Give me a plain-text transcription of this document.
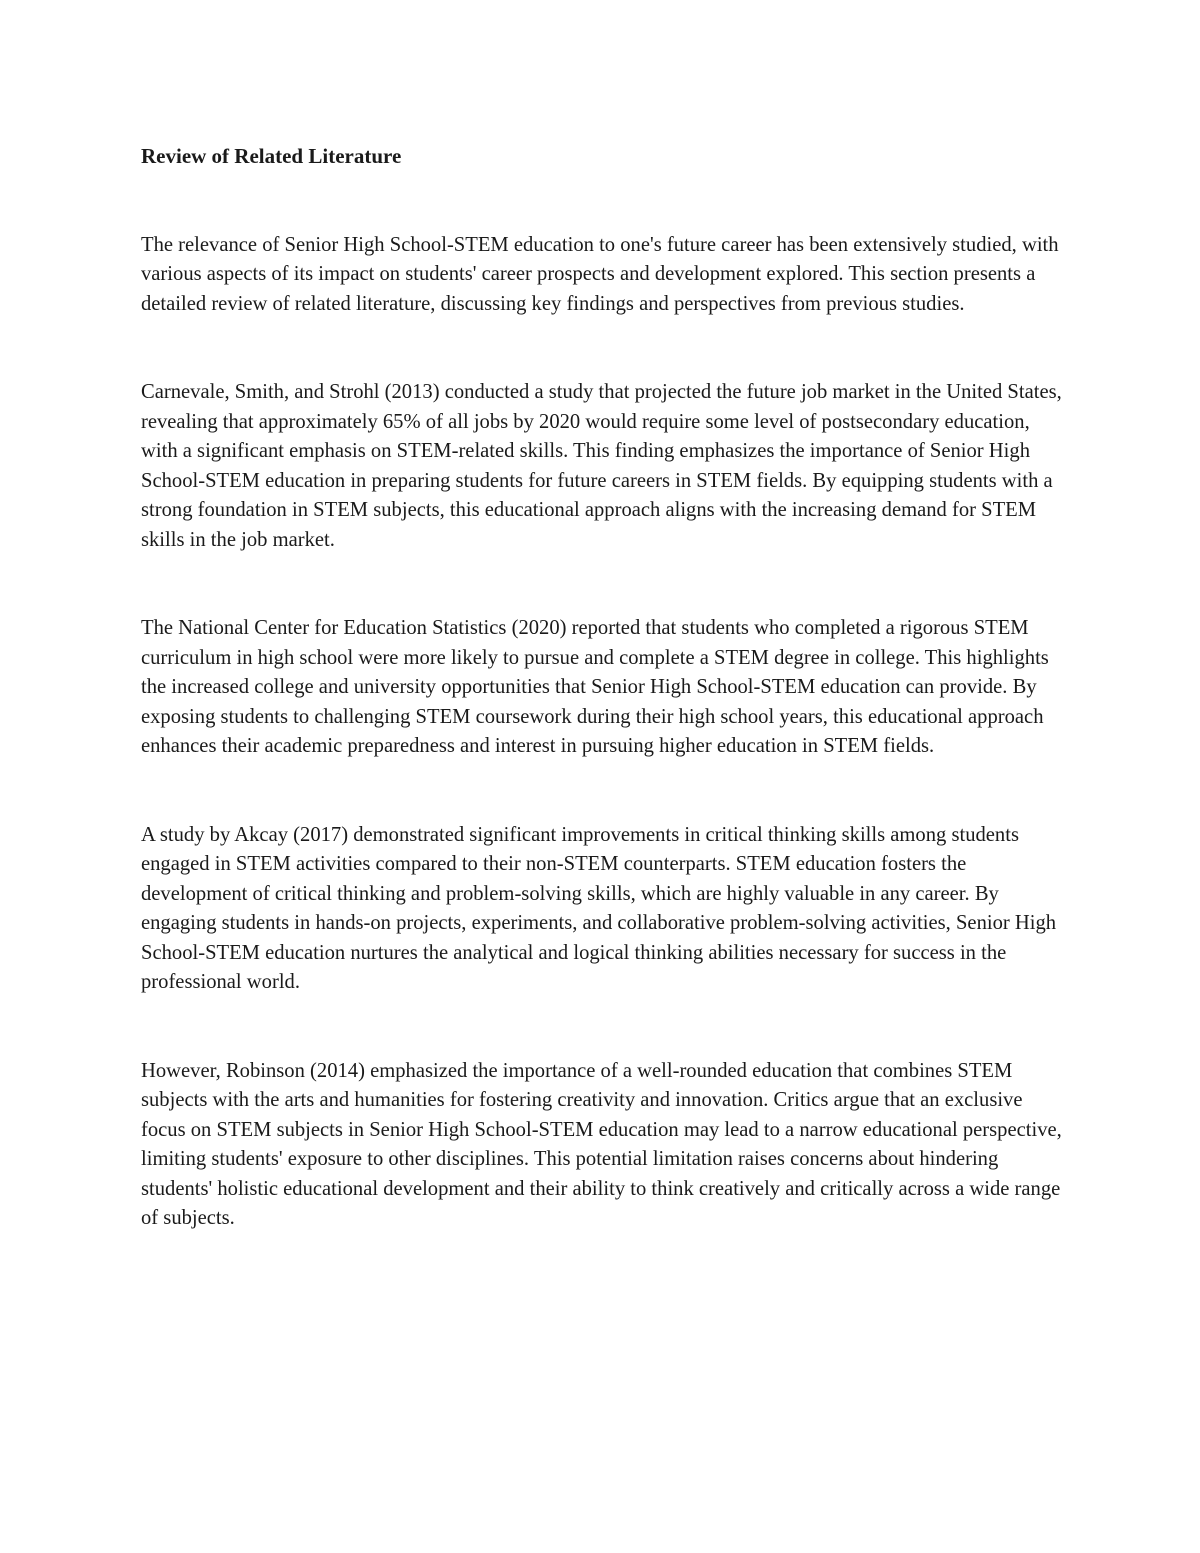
Review of Related Literature

The relevance of Senior High School-STEM education to one's future career has been extensively studied, with various aspects of its impact on students' career prospects and development explored. This section presents a detailed review of related literature, discussing key findings and perspectives from previous studies.

Carnevale, Smith, and Strohl (2013) conducted a study that projected the future job market in the United States, revealing that approximately 65% of all jobs by 2020 would require some level of postsecondary education, with a significant emphasis on STEM-related skills. This finding emphasizes the importance of Senior High School-STEM education in preparing students for future careers in STEM fields. By equipping students with a strong foundation in STEM subjects, this educational approach aligns with the increasing demand for STEM skills in the job market.

The National Center for Education Statistics (2020) reported that students who completed a rigorous STEM curriculum in high school were more likely to pursue and complete a STEM degree in college. This highlights the increased college and university opportunities that Senior High School-STEM education can provide. By exposing students to challenging STEM coursework during their high school years, this educational approach enhances their academic preparedness and interest in pursuing higher education in STEM fields.

A study by Akcay (2017) demonstrated significant improvements in critical thinking skills among students engaged in STEM activities compared to their non-STEM counterparts. STEM education fosters the development of critical thinking and problem-solving skills, which are highly valuable in any career. By engaging students in hands-on projects, experiments, and collaborative problem-solving activities, Senior High School-STEM education nurtures the analytical and logical thinking abilities necessary for success in the professional world.

However, Robinson (2014) emphasized the importance of a well-rounded education that combines STEM subjects with the arts and humanities for fostering creativity and innovation. Critics argue that an exclusive focus on STEM subjects in Senior High School-STEM education may lead to a narrow educational perspective, limiting students' exposure to other disciplines. This potential limitation raises concerns about hindering students' holistic educational development and their ability to think creatively and critically across a wide range of subjects.
